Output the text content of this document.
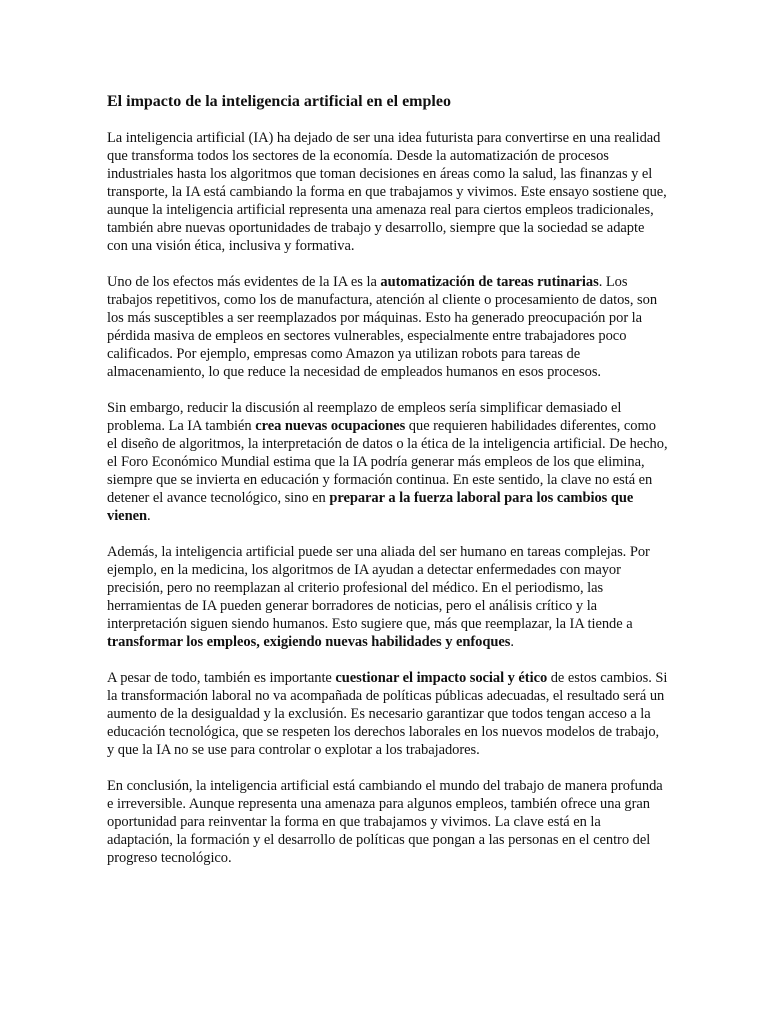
El impacto de la inteligencia artificial en el empleo

La inteligencia artificial (IA) ha dejado de ser una idea futurista para convertirse en una realidad que transforma todos los sectores de la economía. Desde la automatización de procesos industriales hasta los algoritmos que toman decisiones en áreas como la salud, las finanzas y el transporte, la IA está cambiando la forma en que trabajamos y vivimos. Este ensayo sostiene que, aunque la inteligencia artificial representa una amenaza real para ciertos empleos tradicionales, también abre nuevas oportunidades de trabajo y desarrollo, siempre que la sociedad se adapte con una visión ética, inclusiva y formativa.

Uno de los efectos más evidentes de la IA es la automatización de tareas rutinarias. Los trabajos repetitivos, como los de manufactura, atención al cliente o procesamiento de datos, son los más susceptibles a ser reemplazados por máquinas. Esto ha generado preocupación por la pérdida masiva de empleos en sectores vulnerables, especialmente entre trabajadores poco calificados. Por ejemplo, empresas como Amazon ya utilizan robots para tareas de almacenamiento, lo que reduce la necesidad de empleados humanos en esos procesos.

Sin embargo, reducir la discusión al reemplazo de empleos sería simplificar demasiado el problema. La IA también crea nuevas ocupaciones que requieren habilidades diferentes, como el diseño de algoritmos, la interpretación de datos o la ética de la inteligencia artificial. De hecho, el Foro Económico Mundial estima que la IA podría generar más empleos de los que elimina, siempre que se invierta en educación y formación continua. En este sentido, la clave no está en detener el avance tecnológico, sino en preparar a la fuerza laboral para los cambios que vienen.

Además, la inteligencia artificial puede ser una aliada del ser humano en tareas complejas. Por ejemplo, en la medicina, los algoritmos de IA ayudan a detectar enfermedades con mayor precisión, pero no reemplazan al criterio profesional del médico. En el periodismo, las herramientas de IA pueden generar borradores de noticias, pero el análisis crítico y la interpretación siguen siendo humanos. Esto sugiere que, más que reemplazar, la IA tiende a transformar los empleos, exigiendo nuevas habilidades y enfoques.

A pesar de todo, también es importante cuestionar el impacto social y ético de estos cambios. Si la transformación laboral no va acompañada de políticas públicas adecuadas, el resultado será un aumento de la desigualdad y la exclusión. Es necesario garantizar que todos tengan acceso a la educación tecnológica, que se respeten los derechos laborales en los nuevos modelos de trabajo, y que la IA no se use para controlar o explotar a los trabajadores.

En conclusión, la inteligencia artificial está cambiando el mundo del trabajo de manera profunda e irreversible. Aunque representa una amenaza para algunos empleos, también ofrece una gran oportunidad para reinventar la forma en que trabajamos y vivimos. La clave está en la adaptación, la formación y el desarrollo de políticas que pongan a las personas en el centro del progreso tecnológico.
